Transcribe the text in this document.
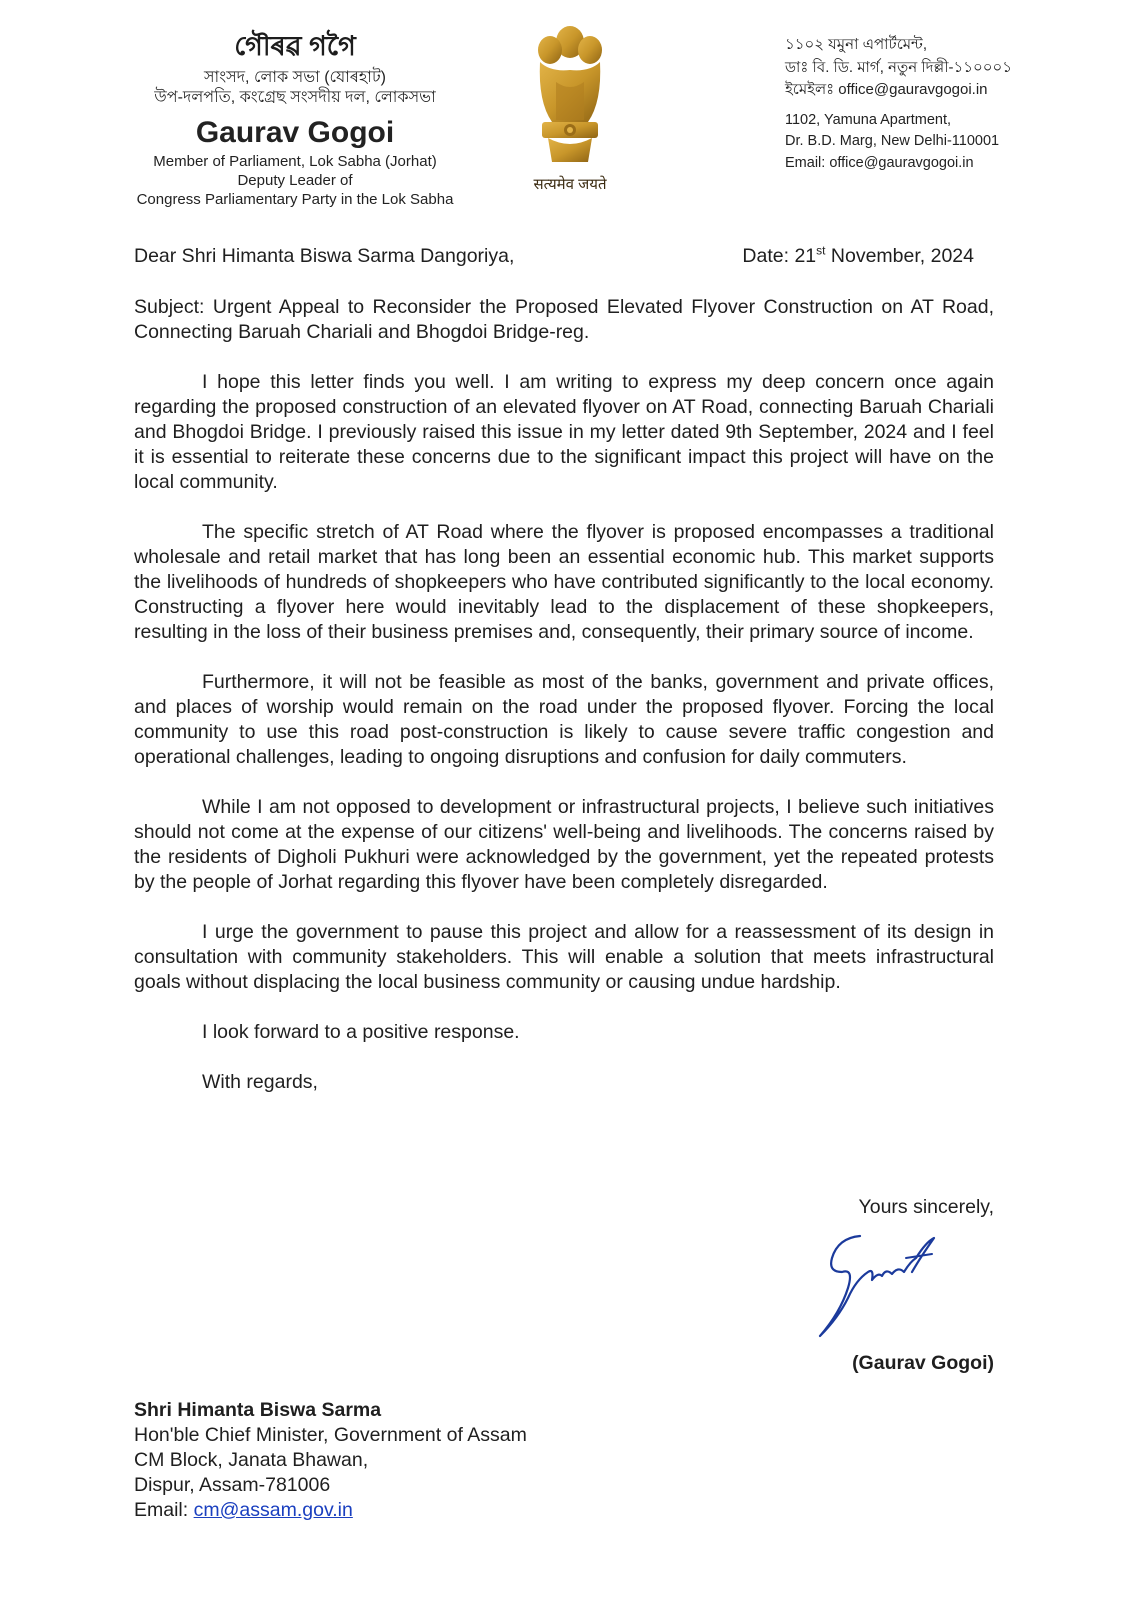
গৌৰৱ গগৈ
সাংসদ, লোক সভা (যোৰহাট)
উপ-দলপতি, কংগ্রেছ সংসদীয় দল, লোকসভা
Gaurav Gogoi
Member of Parliament, Lok Sabha (Jorhat)
Deputy Leader of
Congress Parliamentary Party in the Lok Sabha
सत्यमेव जयते
১১০২ যমুনা এপার্টমেন্ট,
ডাঃ বি. ডি. মার্গ, নতুন দিল্লী-১১০০০১
ইমেইলঃ office@gauravgogoi.in
1102, Yamuna Apartment,
Dr. B.D. Marg, New Delhi-110001
Email: office@gauravgogoi.in
Dear Shri Himanta Biswa Sarma Dangoriya,	Date: 21st November, 2024
Subject: Urgent Appeal to Reconsider the Proposed Elevated Flyover Construction on AT Road, Connecting Baruah Chariali and Bhogdoi Bridge-reg.
I hope this letter finds you well. I am writing to express my deep concern once again regarding the proposed construction of an elevated flyover on AT Road, connecting Baruah Chariali and Bhogdoi Bridge. I previously raised this issue in my letter dated 9th September, 2024 and I feel it is essential to reiterate these concerns due to the significant impact this project will have on the local community.
The specific stretch of AT Road where the flyover is proposed encompasses a traditional wholesale and retail market that has long been an essential economic hub. This market supports the livelihoods of hundreds of shopkeepers who have contributed significantly to the local economy. Constructing a flyover here would inevitably lead to the displacement of these shopkeepers, resulting in the loss of their business premises and, consequently, their primary source of income.
Furthermore, it will not be feasible as most of the banks, government and private offices, and places of worship would remain on the road under the proposed flyover. Forcing the local community to use this road post-construction is likely to cause severe traffic congestion and operational challenges, leading to ongoing disruptions and confusion for daily commuters.
While I am not opposed to development or infrastructural projects, I believe such initiatives should not come at the expense of our citizens' well-being and livelihoods. The concerns raised by the residents of Digholi Pukhuri were acknowledged by the government, yet the repeated protests by the people of Jorhat regarding this flyover have been completely disregarded.
I urge the government to pause this project and allow for a reassessment of its design in consultation with community stakeholders. This will enable a solution that meets infrastructural goals without displacing the local business community or causing undue hardship.
I look forward to a positive response.
With regards,
Yours sincerely,
(Gaurav Gogoi)
Shri Himanta Biswa Sarma
Hon'ble Chief Minister, Government of Assam
CM Block, Janata Bhawan,
Dispur, Assam-781006
Email: cm@assam.gov.in
